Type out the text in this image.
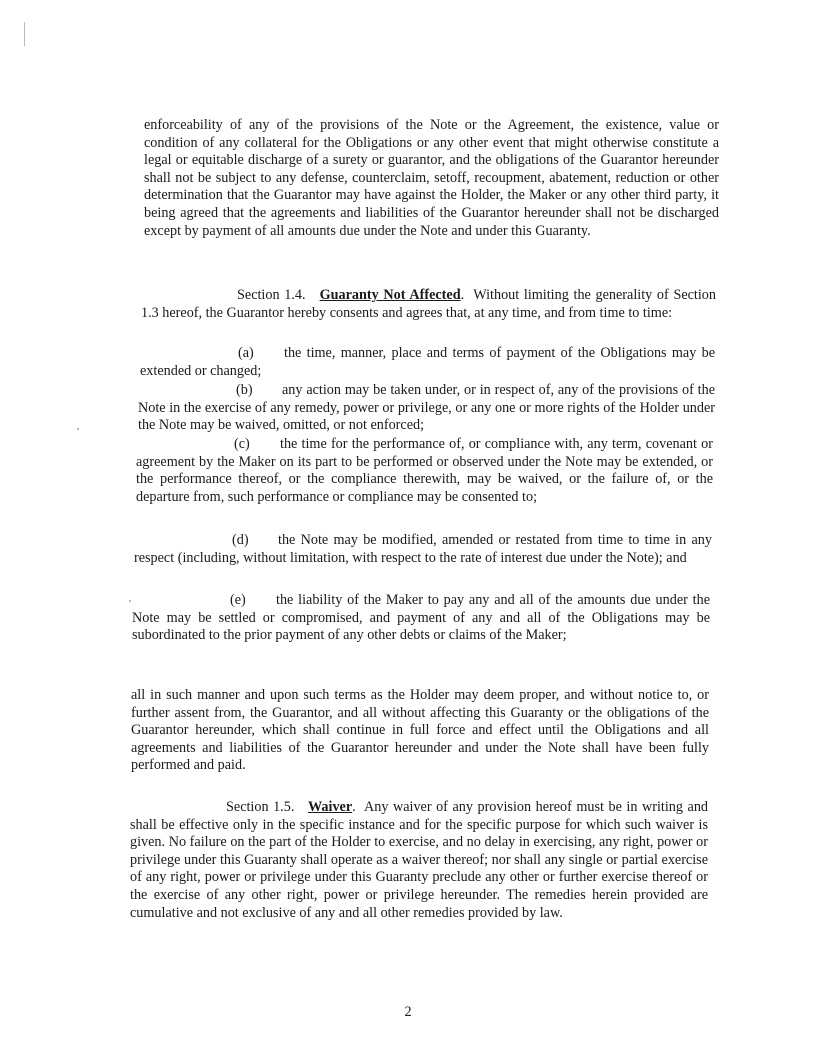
enforceability of any of the provisions of the Note or the Agreement, the existence, value or condition of any collateral for the Obligations or any other event that might otherwise constitute a legal or equitable discharge of a surety or guarantor, and the obligations of the Guarantor hereunder shall not be subject to any defense, counterclaim, setoff, recoupment, abatement, reduction or other determination that the Guarantor may have against the Holder, the Maker or any other third party, it being agreed that the agreements and liabilities of the Guarantor hereunder shall not be discharged except by payment of all amounts due under the Note and under this Guaranty.

Section 1.4. Guaranty Not Affected. Without limiting the generality of Section 1.3 hereof, the Guarantor hereby consents and agrees that, at any time, and from time to time:

(a) the time, manner, place and terms of payment of the Obligations may be extended or changed;

(b) any action may be taken under, or in respect of, any of the provisions of the Note in the exercise of any remedy, power or privilege, or any one or more rights of the Holder under the Note may be waived, omitted, or not enforced;

(c) the time for the performance of, or compliance with, any term, covenant or agreement by the Maker on its part to be performed or observed under the Note may be extended, or the performance thereof, or the compliance therewith, may be waived, or the failure of, or the departure from, such performance or compliance may be consented to;

(d) the Note may be modified, amended or restated from time to time in any respect (including, without limitation, with respect to the rate of interest due under the Note); and

(e) the liability of the Maker to pay any and all of the amounts due under the Note may be settled or compromised, and payment of any and all of the Obligations may be subordinated to the prior payment of any other debts or claims of the Maker;

all in such manner and upon such terms as the Holder may deem proper, and without notice to, or further assent from, the Guarantor, and all without affecting this Guaranty or the obligations of the Guarantor hereunder, which shall continue in full force and effect until the Obligations and all agreements and liabilities of the Guarantor hereunder and under the Note shall have been fully performed and paid.

Section 1.5. Waiver. Any waiver of any provision hereof must be in writing and shall be effective only in the specific instance and for the specific purpose for which such waiver is given. No failure on the part of the Holder to exercise, and no delay in exercising, any right, power or privilege under this Guaranty shall operate as a waiver thereof; nor shall any single or partial exercise of any right, power or privilege under this Guaranty preclude any other or further exercise thereof or the exercise of any other right, power or privilege hereunder. The remedies herein provided are cumulative and not exclusive of any and all other remedies provided by law.

2
